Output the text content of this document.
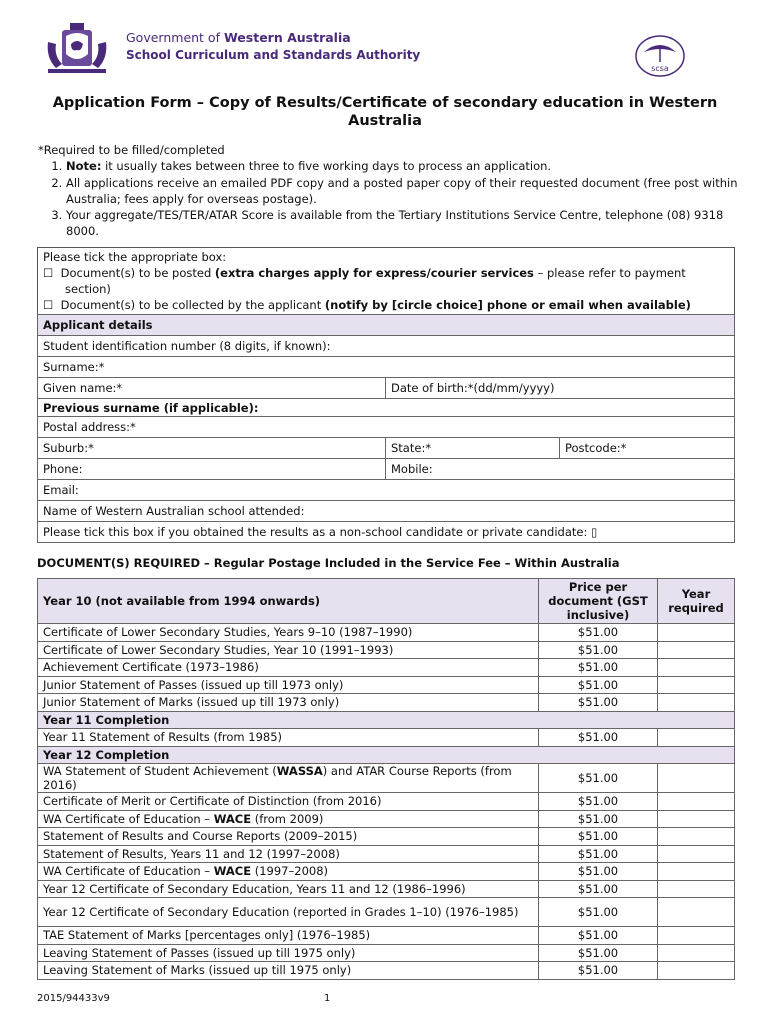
Government of Western Australia
School Curriculum and Standards Authority
scsa
Application Form – Copy of Results/Certificate of secondary education in Western Australia
*Required to be filled/completed
1. Note: it usually takes between three to five working days to process an application.
2. All applications receive an emailed PDF copy and a posted paper copy of their requested document (free post within Australia; fees apply for overseas postage).
3. Your aggregate/TES/TER/ATAR Score is available from the Tertiary Institutions Service Centre, telephone (08) 9318 8000.
Please tick the appropriate box:
☐  Document(s) to be posted (extra charges apply for express/courier services – please refer to payment section)
☐  Document(s) to be collected by the applicant (notify by [circle choice] phone or email when available)
Applicant details		
Student identification number (8 digits, if known):		
Surname:*		
Given name:*	Date of birth:*(dd/mm/yyyy)	
Previous surname (if applicable):		
Postal address:*		
Suburb:*	State:*	Postcode:*
Phone:	Mobile:	
Email:		
Name of Western Australian school attended:		
Please tick this box if you obtained the results as a non-school candidate or private candidate: ▯		
DOCUMENT(S) REQUIRED – Regular Postage Included in the Service Fee – Within Australia
Year 10 (not available from 1994 onwards)	Price per document (GST inclusive)	Year required
Certificate of Lower Secondary Studies, Years 9–10 (1987–1990)	$51.00	
Certificate of Lower Secondary Studies, Year 10 (1991–1993)	$51.00	
Achievement Certificate (1973–1986)	$51.00	
Junior Statement of Passes (issued up till 1973 only)	$51.00	
Junior Statement of Marks (issued up till 1973 only)	$51.00	
Year 11 Completion		
Year 11 Statement of Results (from 1985)	$51.00	
Year 12 Completion		
WA Statement of Student Achievement (WASSA) and ATAR Course Reports (from 2016)	$51.00	
Certificate of Merit or Certificate of Distinction (from 2016)	$51.00	
WA Certificate of Education – WACE (from 2009)	$51.00	
Statement of Results and Course Reports (2009–2015)	$51.00	
Statement of Results, Years 11 and 12 (1997–2008)	$51.00	
WA Certificate of Education – WACE (1997–2008)	$51.00	
Year 12 Certificate of Secondary Education, Years 11 and 12 (1986–1996)	$51.00	
Year 12 Certificate of Secondary Education (reported in Grades 1–10) (1976–1985)	$51.00	
TAE Statement of Marks [percentages only] (1976–1985)	$51.00	
Leaving Statement of Passes (issued up till 1975 only)	$51.00	
Leaving Statement of Marks (issued up till 1975 only)	$51.00	
2015/94433v9	1
